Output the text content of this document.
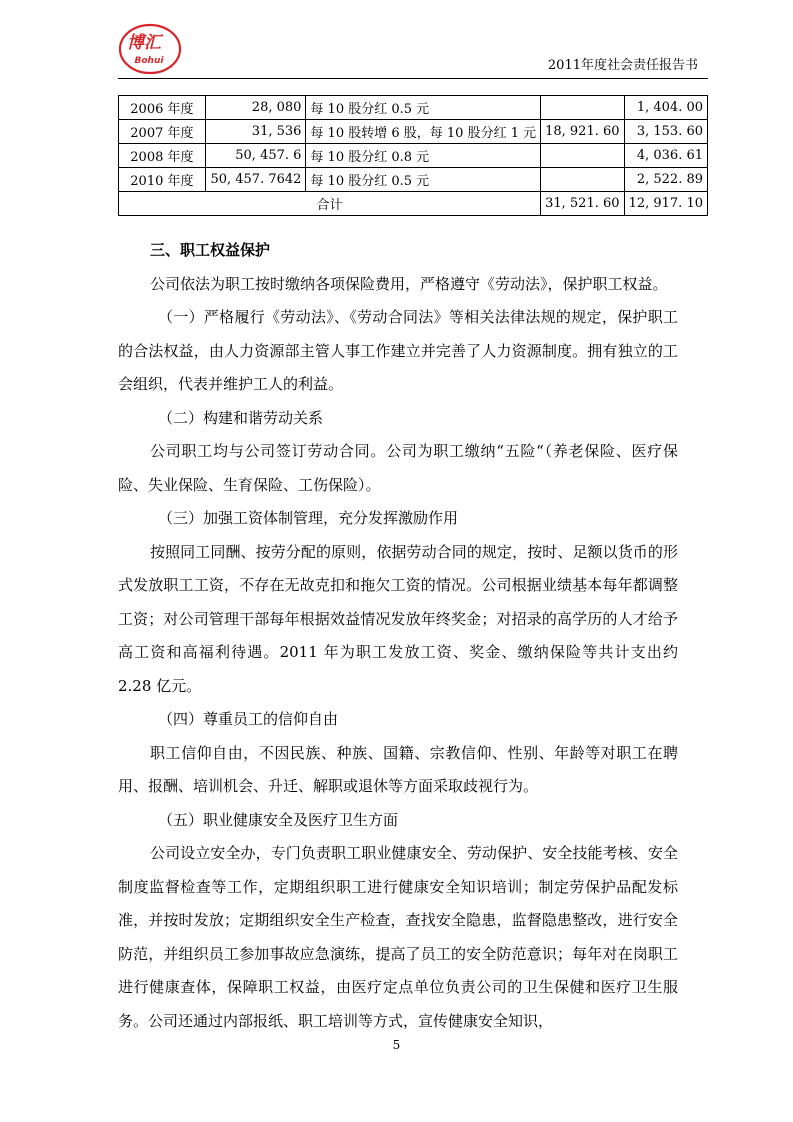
博汇
Bohui	2011年度社会责任报告书
2006 年度	28, 080	每 10 股分红 0.5 元		1, 404. 00
2007 年度	31, 536	每 10 股转增 6 股，每 10 股分红 1 元	18, 921. 60	3, 153. 60
2008 年度	50, 457. 6	每 10 股分红 0.8 元		4, 036. 61
2010 年度	50, 457. 7642	每 10 股分红 0.5 元		2, 522. 89
合计			31, 521. 60	12, 917. 10

三、职工权益保护

公司依法为职工按时缴纳各项保险费用，严格遵守《劳动法》，保护职工权益。

（一）严格履行《劳动法》、《劳动合同法》等相关法律法规的规定，保护职工的合法权益，由人力资源部主管人事工作建立并完善了人力资源制度。拥有独立的工会组织，代表并维护工人的利益。

（二）构建和谐劳动关系

公司职工均与公司签订劳动合同。公司为职工缴纳“五险“（养老保险、医疗保险、失业保险、生育保险、工伤保险）。

（三）加强工资体制管理，充分发挥激励作用

按照同工同酬、按劳分配的原则，依据劳动合同的规定，按时、足额以货币的形式发放职工工资，不存在无故克扣和拖欠工资的情况。公司根据业绩基本每年都调整工资；对公司管理干部每年根据效益情况发放年终奖金；对招录的高学历的人才给予高工资和高福利待遇。2011 年为职工发放工资、奖金、缴纳保险等共计支出约 2.28 亿元。

（四）尊重员工的信仰自由

职工信仰自由，不因民族、种族、国籍、宗教信仰、性别、年龄等对职工在聘用、报酬、培训机会、升迁、解职或退休等方面采取歧视行为。

（五）职业健康安全及医疗卫生方面

公司设立安全办，专门负责职工职业健康安全、劳动保护、安全技能考核、安全制度监督检查等工作，定期组织职工进行健康安全知识培训；制定劳保护品配发标准，并按时发放；定期组织安全生产检查，查找安全隐患，监督隐患整改，进行安全防范，并组织员工参加事故应急演练，提高了员工的安全防范意识；每年对在岗职工进行健康查体，保障职工权益，由医疗定点单位负责公司的卫生保健和医疗卫生服务。公司还通过内部报纸、职工培训等方式，宣传健康安全知识，

5
